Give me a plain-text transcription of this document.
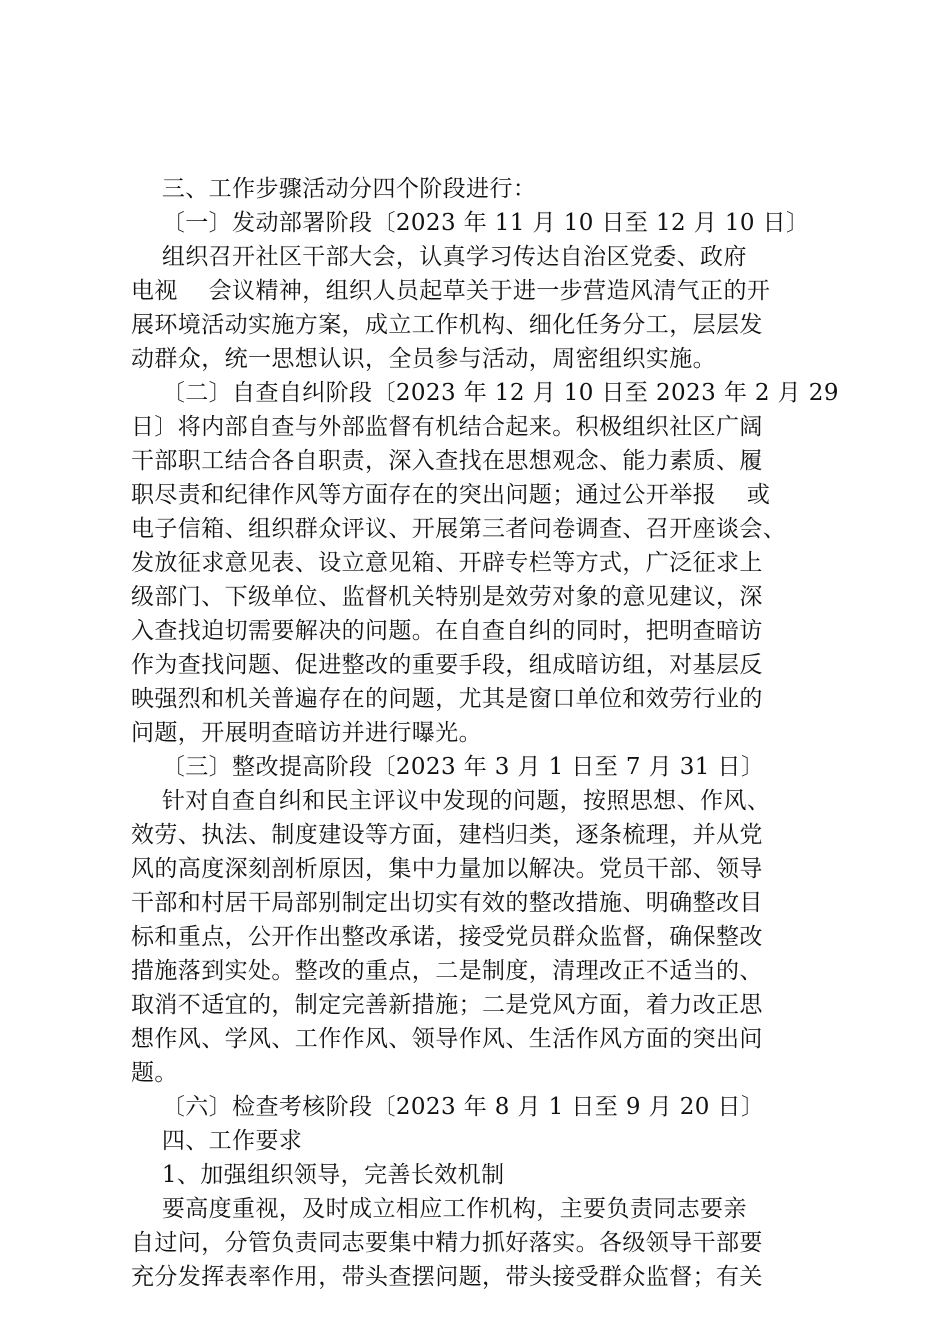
三、工作步骤活动分四个阶段进行：
〔一〕发动部署阶段〔2023 年 11 月 10 日至 12 月 10 日〕
组织召开社区干部大会，认真学习传达自治区党委、政府
电视    会议精神，组织人员起草关于进一步营造风清气正的开
展环境活动实施方案，成立工作机构、细化任务分工，层层发
动群众，统一思想认识，全员参与活动，周密组织实施。
〔二〕自查自纠阶段〔2023 年 12 月 10 日至 2023 年 2 月 29
日〕将内部自查与外部监督有机结合起来。积极组织社区广阔
干部职工结合各自职责，深入查找在思想观念、能力素质、履
职尽责和纪律作风等方面存在的突出问题；通过公开举报    或
电子信箱、组织群众评议、开展第三者问卷调查、召开座谈会、
发放征求意见表、设立意见箱、开辟专栏等方式，广泛征求上
级部门、下级单位、监督机关特别是效劳对象的意见建议，深
入查找迫切需要解决的问题。在自查自纠的同时，把明查暗访
作为查找问题、促进整改的重要手段，组成暗访组，对基层反
映强烈和机关普遍存在的问题，尤其是窗口单位和效劳行业的
问题，开展明查暗访并进行曝光。
〔三〕整改提高阶段〔2023 年 3 月 1 日至 7 月 31 日〕
针对自查自纠和民主评议中发现的问题，按照思想、作风、
效劳、执法、制度建设等方面，建档归类，逐条梳理，并从党
风的高度深刻剖析原因，集中力量加以解决。党员干部、领导
干部和村居干局部别制定出切实有效的整改措施、明确整改目
标和重点，公开作出整改承诺，接受党员群众监督，确保整改
措施落到实处。整改的重点，二是制度，清理改正不适当的、
取消不适宜的，制定完善新措施；二是党风方面，着力改正思
想作风、学风、工作作风、领导作风、生活作风方面的突出问
题。
〔六〕检查考核阶段〔2023 年 8 月 1 日至 9 月 20 日〕
四、工作要求
1、加强组织领导，完善长效机制
要高度重视，及时成立相应工作机构，主要负责同志要亲
自过问，分管负责同志要集中精力抓好落实。各级领导干部要
充分发挥表率作用，带头查摆问题，带头接受群众监督；有关
